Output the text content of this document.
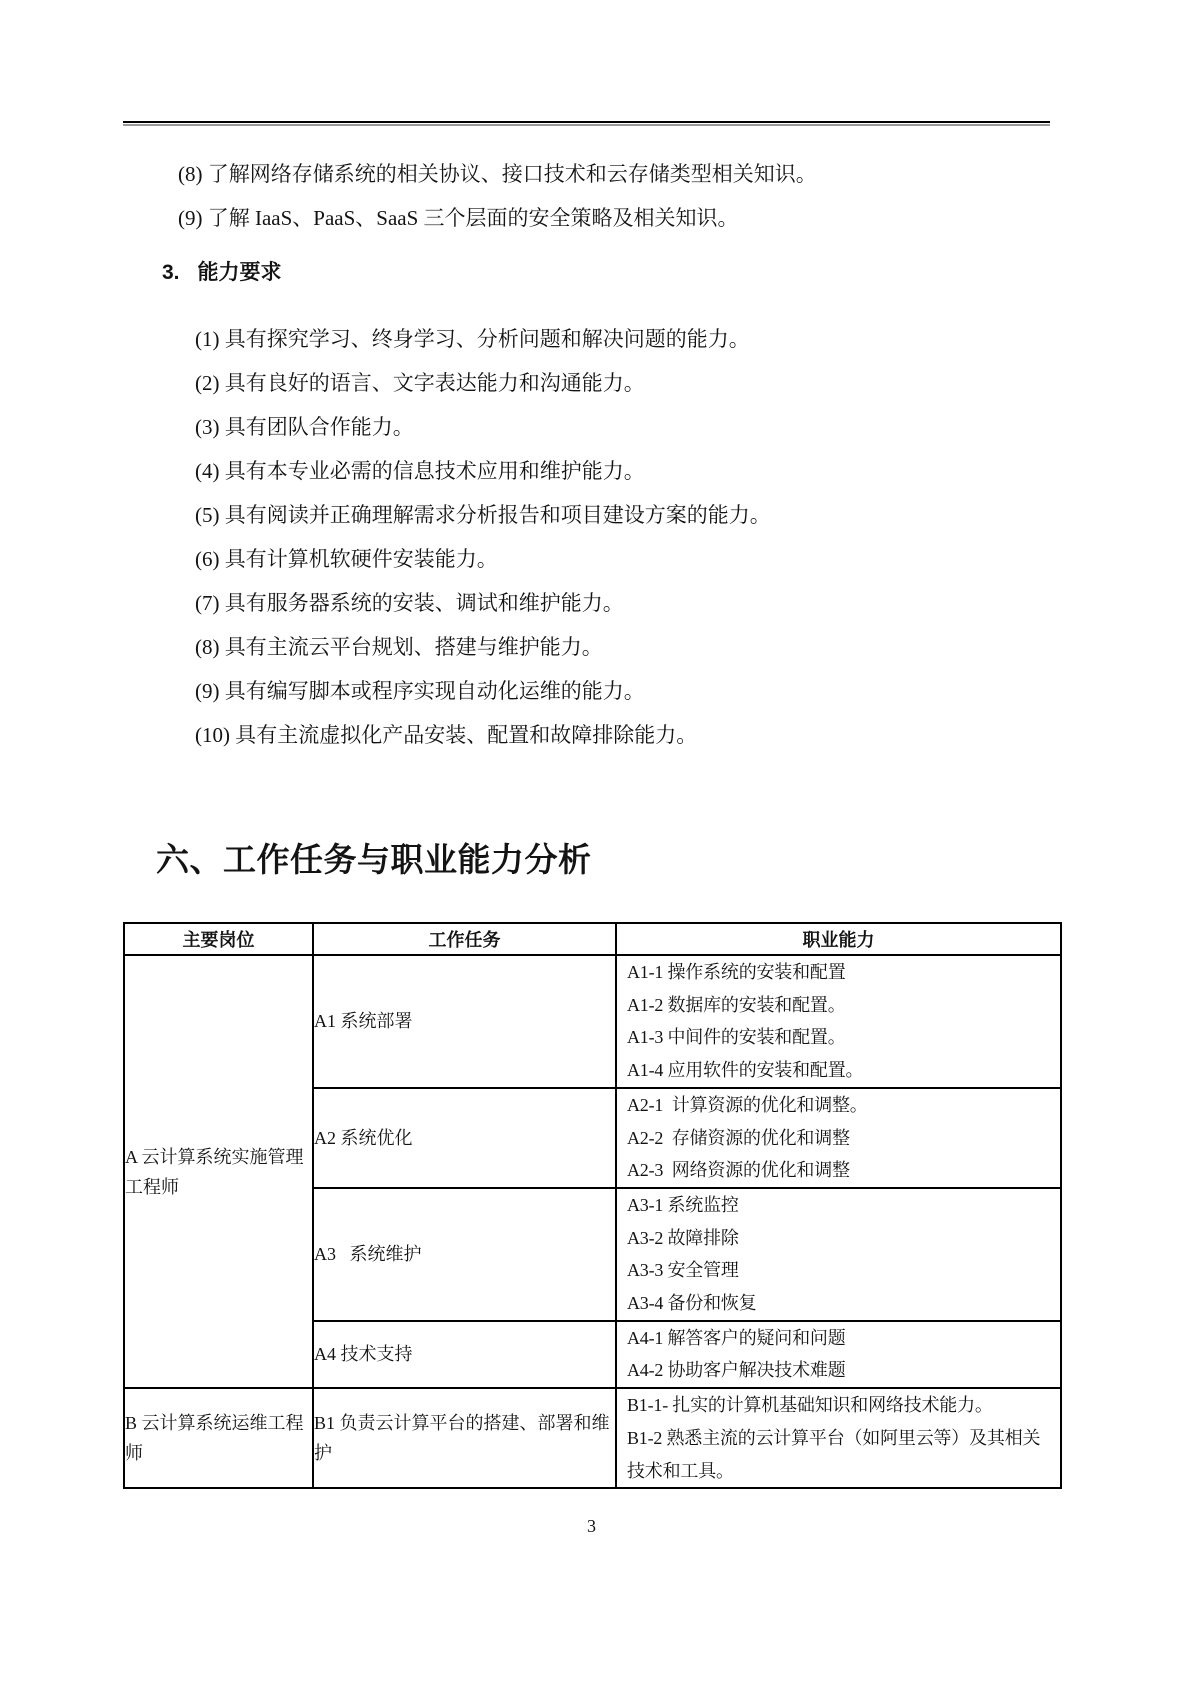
(8) 了解网络存储系统的相关协议、接口技术和云存储类型相关知识。

(9) 了解 IaaS、PaaS、SaaS 三个层面的安全策略及相关知识。

3. 能力要求

(1) 具有探究学习、终身学习、分析问题和解决问题的能力。

(2) 具有良好的语言、文字表达能力和沟通能力。

(3) 具有团队合作能力。

(4) 具有本专业必需的信息技术应用和维护能力。

(5) 具有阅读并正确理解需求分析报告和项目建设方案的能力。

(6) 具有计算机软硬件安装能力。

(7) 具有服务器系统的安装、调试和维护能力。

(8) 具有主流云平台规划、搭建与维护能力。

(9) 具有编写脚本或程序实现自动化运维的能力。

(10) 具有主流虚拟化产品安装、配置和故障排除能力。

六、工作任务与职业能力分析
主要岗位	工作任务	职业能力
A 云计算系统实施管理工程师	A1 系统部署	A1-1 操作系统的安装和配置
A1-2 数据库的安装和配置。
A1-3 中间件的安装和配置。
A1-4 应用软件的安装和配置。

	A2 系统优化	A2-1  计算资源的优化和调整。
A2-2  存储资源的优化和调整
A2-3  网络资源的优化和调整

	A3   系统维护	A3-1 系统监控
A3-2 故障排除
A3-3 安全管理
A3-4 备份和恢复

	A4 技术支持	A4-1 解答客户的疑问和问题
A4-2 协助客户解决技术难题

B 云计算系统运维工程师	B1 负责云计算平台的搭建、部署和维护	B1-1- 扎实的计算机基础知识和网络技术能力。
B1-2 熟悉主流的云计算平台（如阿里云等）及其相关技术和工具。
3
